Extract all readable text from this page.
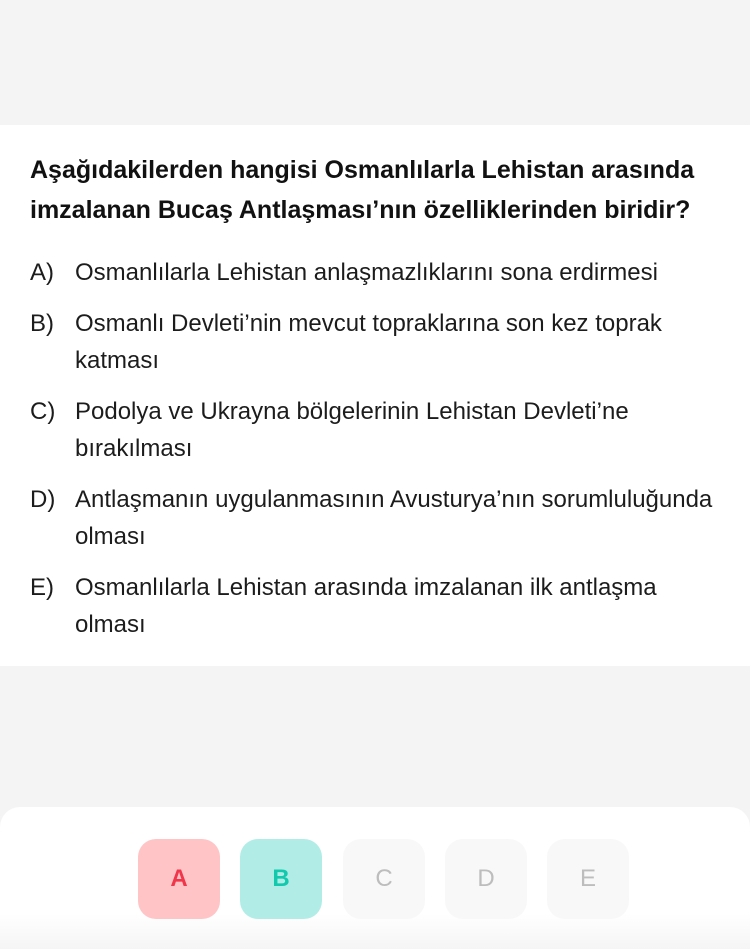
Aşağıdakilerden hangisi Osmanlılarla Lehistan arasında imzalanan Bucaş Antlaşması’nın özelliklerinden biridir?
A) Osmanlılarla Lehistan anlaşmazlıklarını sona erdirmesi
B) Osmanlı Devleti’nin mevcut topraklarına son kez toprak katması
C) Podolya ve Ukrayna bölgelerinin Lehistan Devleti’ne bırakılması
D) Antlaşmanın uygulanmasının Avusturya’nın sorumluluğunda olması
E) Osmanlılarla Lehistan arasında imzalanan ilk antlaşma olması
A	B	C	D	E
